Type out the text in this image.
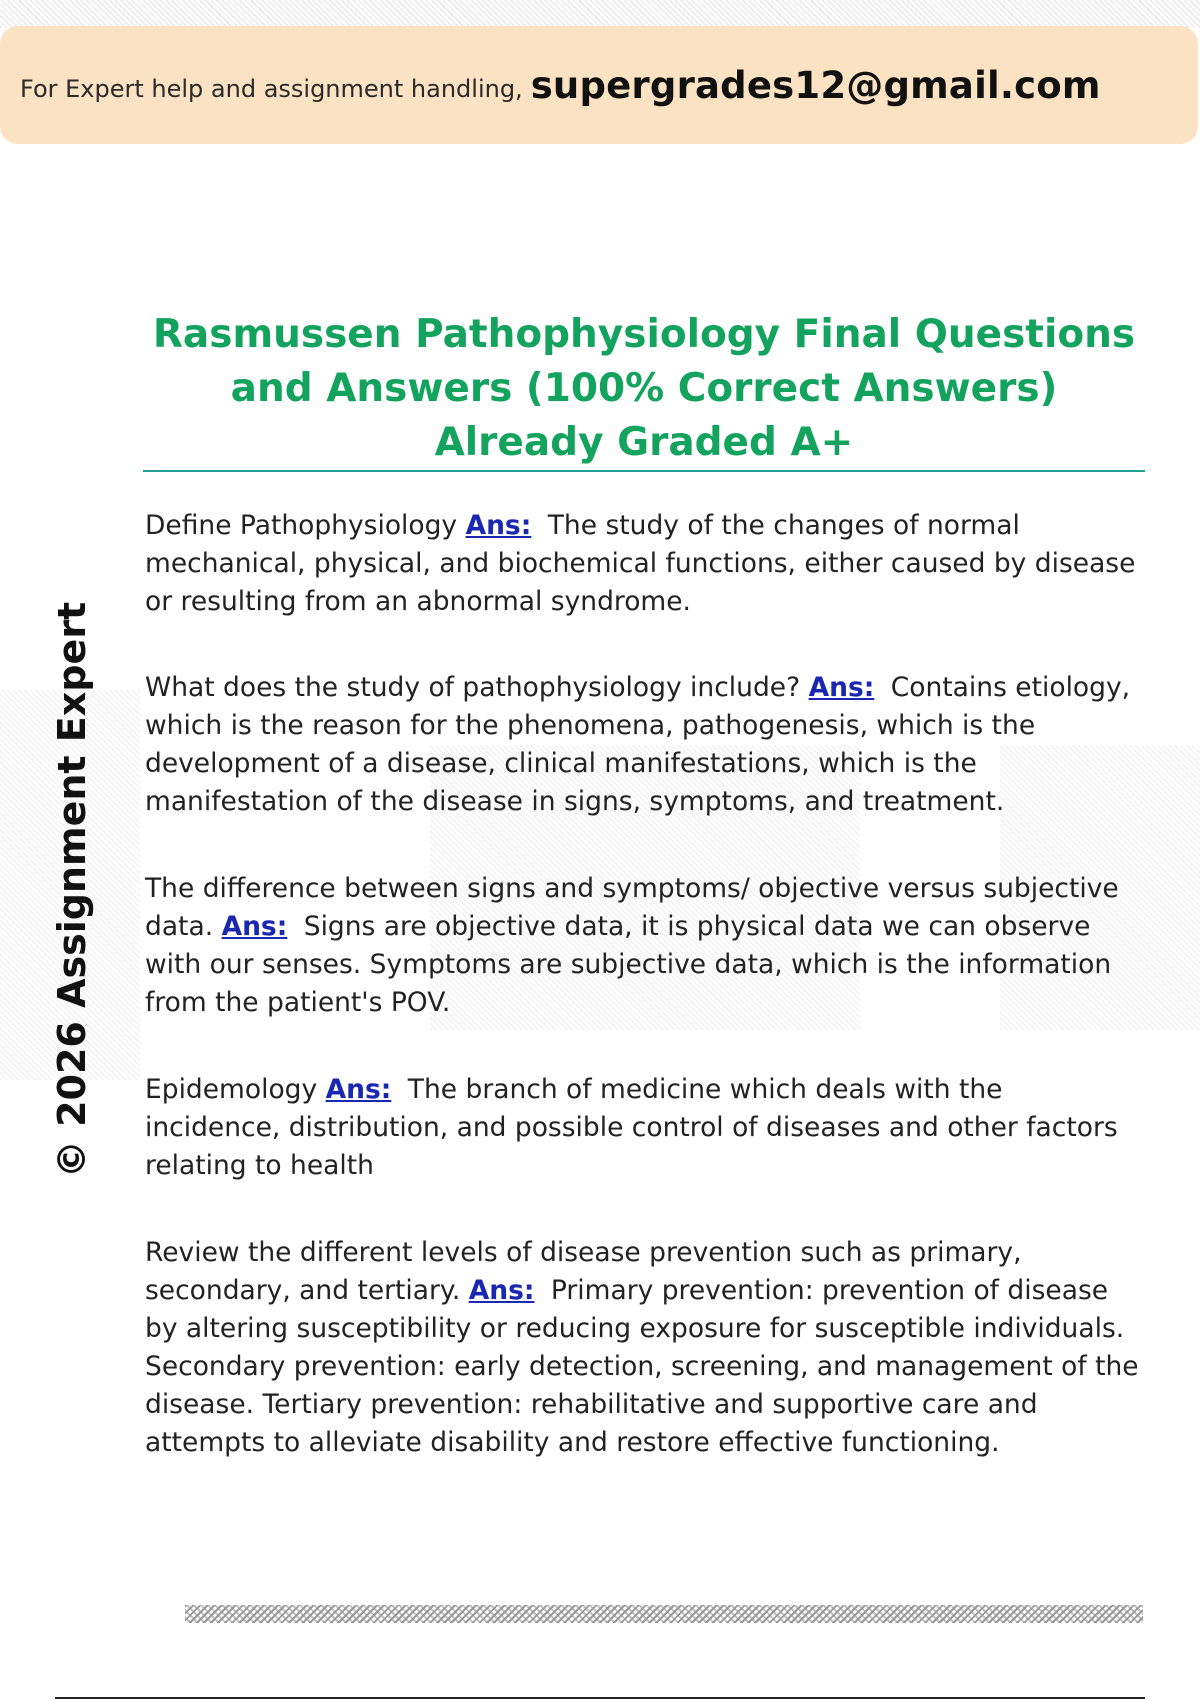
For Expert help and assignment handling, supergrades12@gmail.com
Rasmussen Pathophysiology Final Questions and Answers (100% Correct Answers) Already Graded A+
© 2026 Assignment Expert

Define Pathophysiology Ans: The study of the changes of normal mechanical, physical, and biochemical functions, either caused by disease or resulting from an abnormal syndrome.

What does the study of pathophysiology include? Ans: Contains etiology, which is the reason for the phenomena, pathogenesis, which is the development of a disease, clinical manifestations, which is the manifestation of the disease in signs, symptoms, and treatment.

The difference between signs and symptoms/ objective versus subjective data. Ans: Signs are objective data, it is physical data we can observe with our senses. Symptoms are subjective data, which is the information from the patient's POV.

Epidemology Ans: The branch of medicine which deals with the incidence, distribution, and possible control of diseases and other factors relating to health

Review the different levels of disease prevention such as primary, secondary, and tertiary. Ans: Primary prevention: prevention of disease by altering susceptibility or reducing exposure for susceptible individuals. Secondary prevention: early detection, screening, and management of the disease. Tertiary prevention: rehabilitative and supportive care and attempts to alleviate disability and restore effective functioning.
